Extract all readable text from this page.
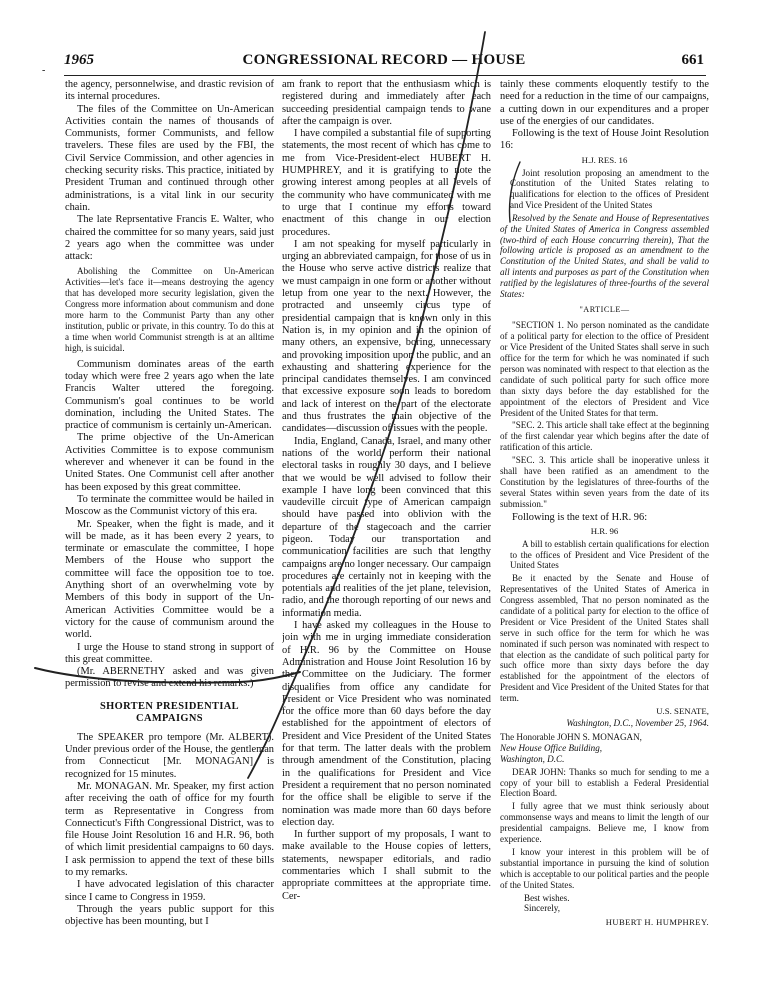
1965	CONGRESSIONAL RECORD — HOUSE	661

the agency, personnelwise, and drastic revision of its internal procedures.

The files of the Committee on Un-American Activities contain the names of thousands of Communists, former Communists, and fellow travelers. These files are used by the FBI, the Civil Service Commission, and other agencies in checking security risks. This practice, initiated by President Truman and continued through other administrations, is a vital link in our security chain.

The late Reprsentative Francis E. Walter, who chaired the committee for so many years, said just 2 years ago when the committee was under attack:

Abolishing the Committee on Un-American Activities—let's face it—means destroying the agency that has developed more security legislation, given the Congress more information about communism and done more harm to the Communist Party than any other institution, public or private, in this country. To do this at a time when world Communist strength is at an alltime high, is suicidal.

Communism dominates areas of the earth today which were free 2 years ago when the late Francis Walter uttered the foregoing. Communism's goal continues to be world domination, including the United States. The practice of communism is certainly un-American.

The prime objective of the Un-American Activities Committee is to expose communism wherever and whenever it can be found in the United States. One Communist cell after another has been exposed by this great committee.

To terminate the committee would be hailed in Moscow as the Communist victory of this era.

Mr. Speaker, when the fight is made, and it will be made, as it has been every 2 years, to terminate or emasculate the committee, I hope Members of the House who support the committee will face the opposition toe to toe. Anything short of an overwhelming vote by Members of this body in support of the Un-American Activities Committee would be a victory for the cause of communism around the world.

I urge the House to stand strong in support of this great committee.

(Mr. ABERNETHY asked and was given permission to revise and extend his remarks.)

SHORTEN PRESIDENTIAL
CAMPAIGNS

The SPEAKER pro tempore (Mr. ALBERT). Under previous order of the House, the gentleman from Connecticut [Mr. MONAGAN] is recognized for 15 minutes.

Mr. MONAGAN. Mr. Speaker, my first action after receiving the oath of office for my fourth term as Representative in Congress from Connecticut's Fifth Congressional District, was to file House Joint Resolution 16 and H.R. 96, both of which limit presidential campaigns to 60 days. I ask permission to append the text of these bills to my remarks.

I have advocated legislation of this character since I came to Congress in 1959.

Through the years public support for this objective has been mounting, but I

am frank to report that the enthusiasm which is registered during and immediately after each succeeding presidential campaign tends to wane after the campaign is over.

I have compiled a substantial file of supporting statements, the most recent of which has come to me from Vice-President-elect HUBERT H. HUMPHREY, and it is gratifying to note the growing interest among peoples at all levels of the community who have communicated with me to urge that I continue my efforts toward enactment of this change in our election procedures.

I am not speaking for myself particularly in urging an abbreviated campaign, for those of us in the House who serve active districts realize that we must campaign in one form or another without letup from one year to the next. However, the protracted and unseemly circus type of presidential campaign that is known only in this Nation is, in my opinion and in the opinion of many others, an expensive, boring, unnecessary and provoking imposition upon the public, and an exhausting and shattering experience for the principal candidates themselves. I am convinced that excessive exposure soon leads to boredom and lack of interest on the part of the electorate and thus frustrates the main objective of the candidates—discussion of issues with the people.

India, England, Canada, Israel, and many other nations of the world perform their national electoral tasks in roughly 30 days, and I believe that we would be well advised to follow their example I have long been convinced that this vaudeville circuit type of American campaign should have passed into oblivion with the departure of the stagecoach and the carrier pigeon. Today our transportation and communication facilities are such that lengthy campaigns are no longer necessary. Our campaign procedures are certainly not in keeping with the potentials and realities of the jet plane, television, radio, and the thorough reporting of our news and information media.

I have asked my colleagues in the House to join with me in urging immediate consideration of H.R. 96 by the Committee on House Administration and House Joint Resolution 16 by the Committee on the Judiciary. The former disqualifies from office any candidate for President or Vice President who was nominated for the office more than 60 days before the day established for the appointment of electors of President and Vice President of the United States for that term. The latter deals with the problem through amendment of the Constitution, placing in the qualifications for President and Vice President a requirement that no person nominated for the office shall be eligible to serve if the nomination was made more than 60 days before election day.

In further support of my proposals, I want to make available to the House copies of letters, statements, newspaper editorials, and radio commentaries which I shall submit to the appropriate committees at the appropriate time. Cer-

tainly these comments eloquently testify to the need for a reduction in the time of our campaigns, a cutting down in our expenditures and a proper use of the energies of our candidates.

Following is the text of House Joint Resolution 16:

H.J. RES. 16

Joint resolution proposing an amendment to the Constitution of the United States relating to qualifications for election to the offices of President and Vice President of the United States

Resolved by the Senate and House of Representatives of the United States of America in Congress assembled (two-third of each House concurring therein), That the following article is proposed as an amendment to the Constitution of the United States, and shall be valid to all intents and purposes as part of the Constitution when ratified by the legislatures of three-fourths of the several States:

"ARTICLE—

"SECTION 1. No person nominated as the candidate of a political party for election to the office of President or Vice President of the United States shall serve in such office for the term for which he was nominated if such person was nominated with respect to that election as the candidate of such political party for such office more than sixty days before the day established for the appointment of the electors of President and Vice President of the United States for that term.

"SEC. 2. This article shall take effect at the beginning of the first calendar year which begins after the date of ratification of this article.

"SEC. 3. This article shall be inoperative unless it shall have been ratified as an amendment to the Constitution by the legislatures of three-fourths of the several States within seven years from the date of its submission."

Following is the text of H.R. 96:

H.R. 96

A bill to establish certain qualifications for election to the offices of President and Vice President of the United States

Be it enacted by the Senate and House of Representatives of the United States of America in Congress assembled, That no person nominated as the candidate of a political party for election to the office of President or Vice President of the United States shall serve in such office for the term for which he was nominated if such person was nominated with respect to that election as the candidate of such political party for such office more than sixty days before the day established for the appointment of the electors of President and Vice President of the United States for that term.

U.S. SENATE,
Washington, D.C., November 25, 1964.
The Honorable JOHN S. MONAGAN,
New House Office Building,
Washington, D.C.

DEAR JOHN: Thanks so much for sending to me a copy of your bill to establish a Federal Presidential Election Board.

I fully agree that we must think seriously about commonsense ways and means to limit the length of our presidential campaigns. Believe me, I know from experience.

I know your interest in this problem will be of substantial importance in pursuing the kind of solution which is acceptable to our political parties and the people of the United States.

Best wishes.
Sincerely,
HUBERT H. HUMPHREY.
-
